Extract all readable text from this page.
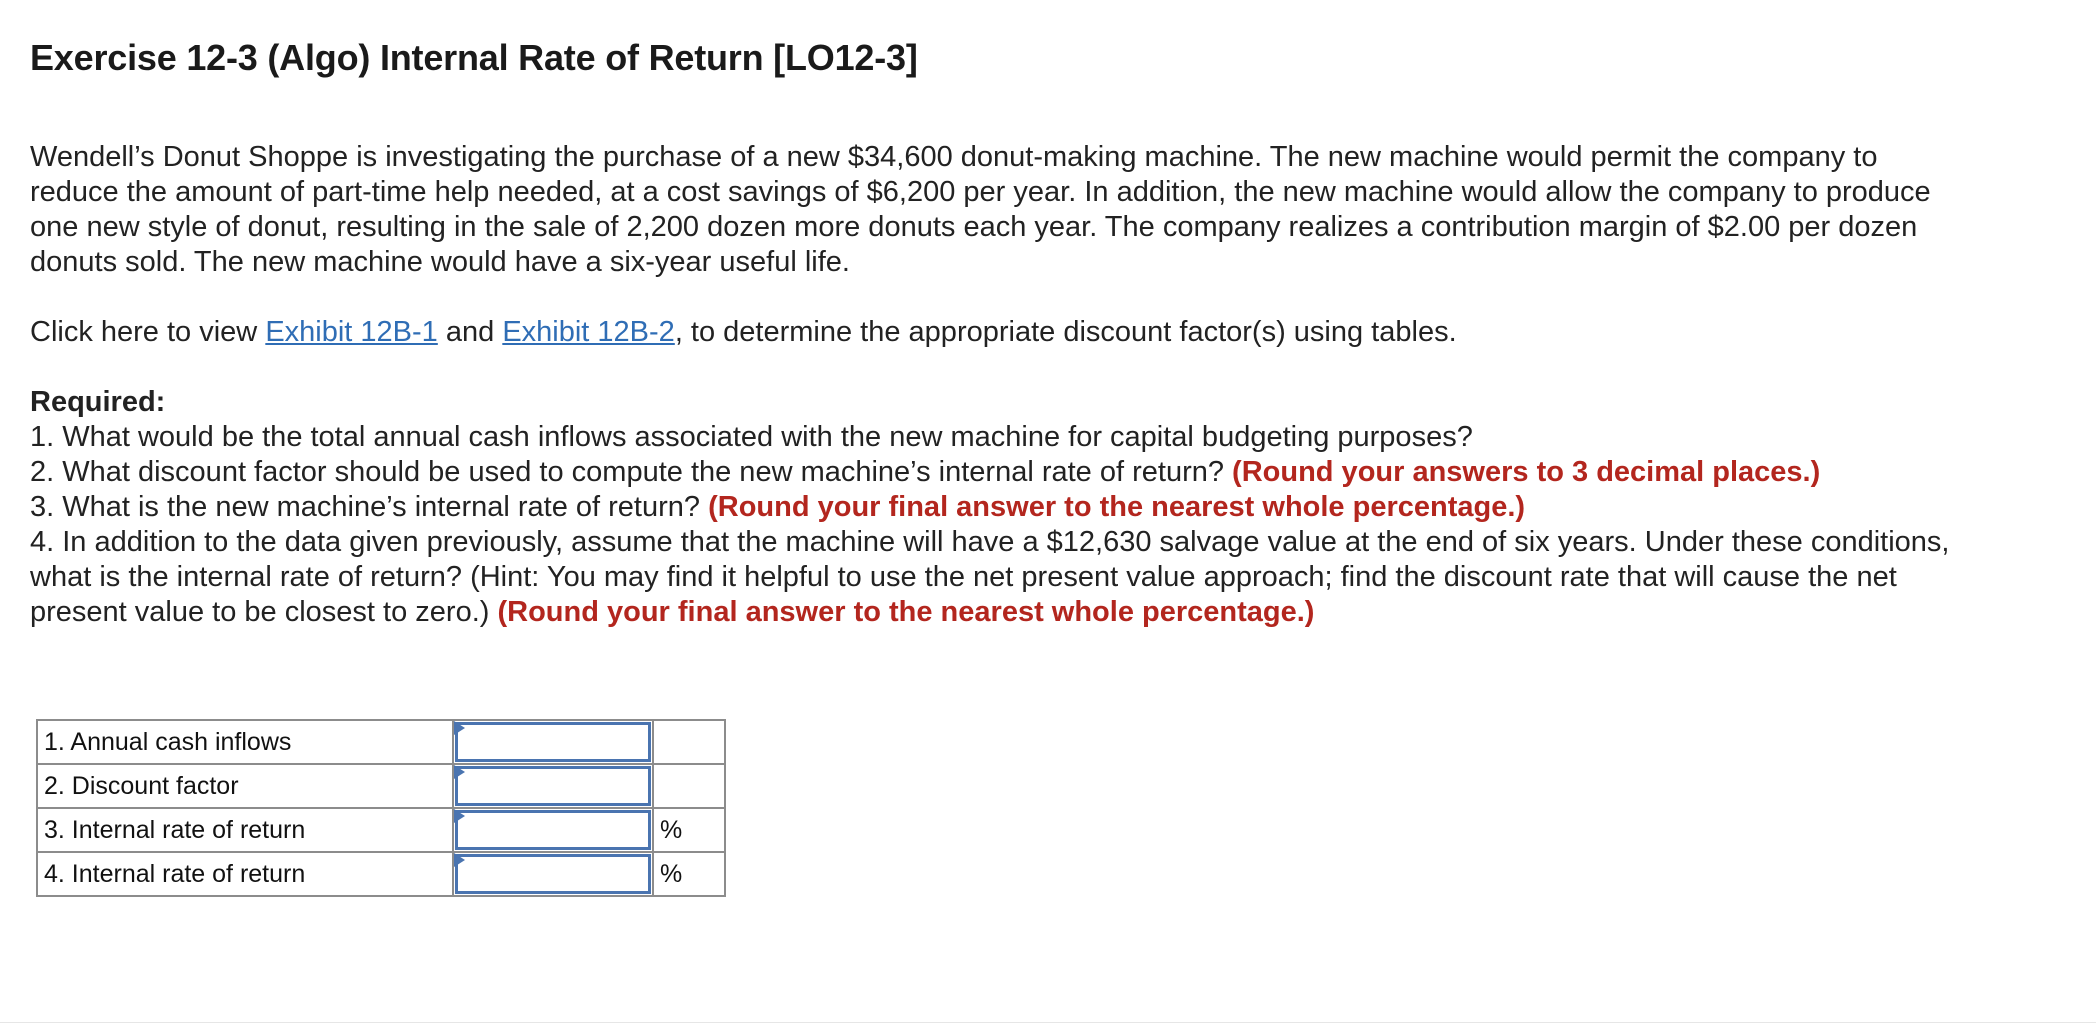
Exercise 12-3 (Algo) Internal Rate of Return [LO12-3]

Wendell’s Donut Shoppe is investigating the purchase of a new $34,600 donut-making machine. The new machine would permit the company to reduce the amount of part-time help needed, at a cost savings of $6,200 per year. In addition, the new machine would allow the company to produce one new style of donut, resulting in the sale of 2,200 dozen more donuts each year. The company realizes a contribution margin of $2.00 per dozen donuts sold. The new machine would have a six-year useful life.

Click here to view Exhibit 12B-1 and Exhibit 12B-2, to determine the appropriate discount factor(s) using tables.

Required:
1. What would be the total annual cash inflows associated with the new machine for capital budgeting purposes?
2. What discount factor should be used to compute the new machine’s internal rate of return? (Round your answers to 3 decimal places.)
3. What is the new machine’s internal rate of return? (Round your final answer to the nearest whole percentage.)
4. In addition to the data given previously, assume that the machine will have a $12,630 salvage value at the end of six years. Under these conditions, what is the internal rate of return? (Hint: You may find it helpful to use the net present value approach; find the discount rate that will cause the net present value to be closest to zero.) (Round your final answer to the nearest whole percentage.)
1. Annual cash inflows	

2. Discount factor	

3. Internal rate of return		%
4. Internal rate of return		%
